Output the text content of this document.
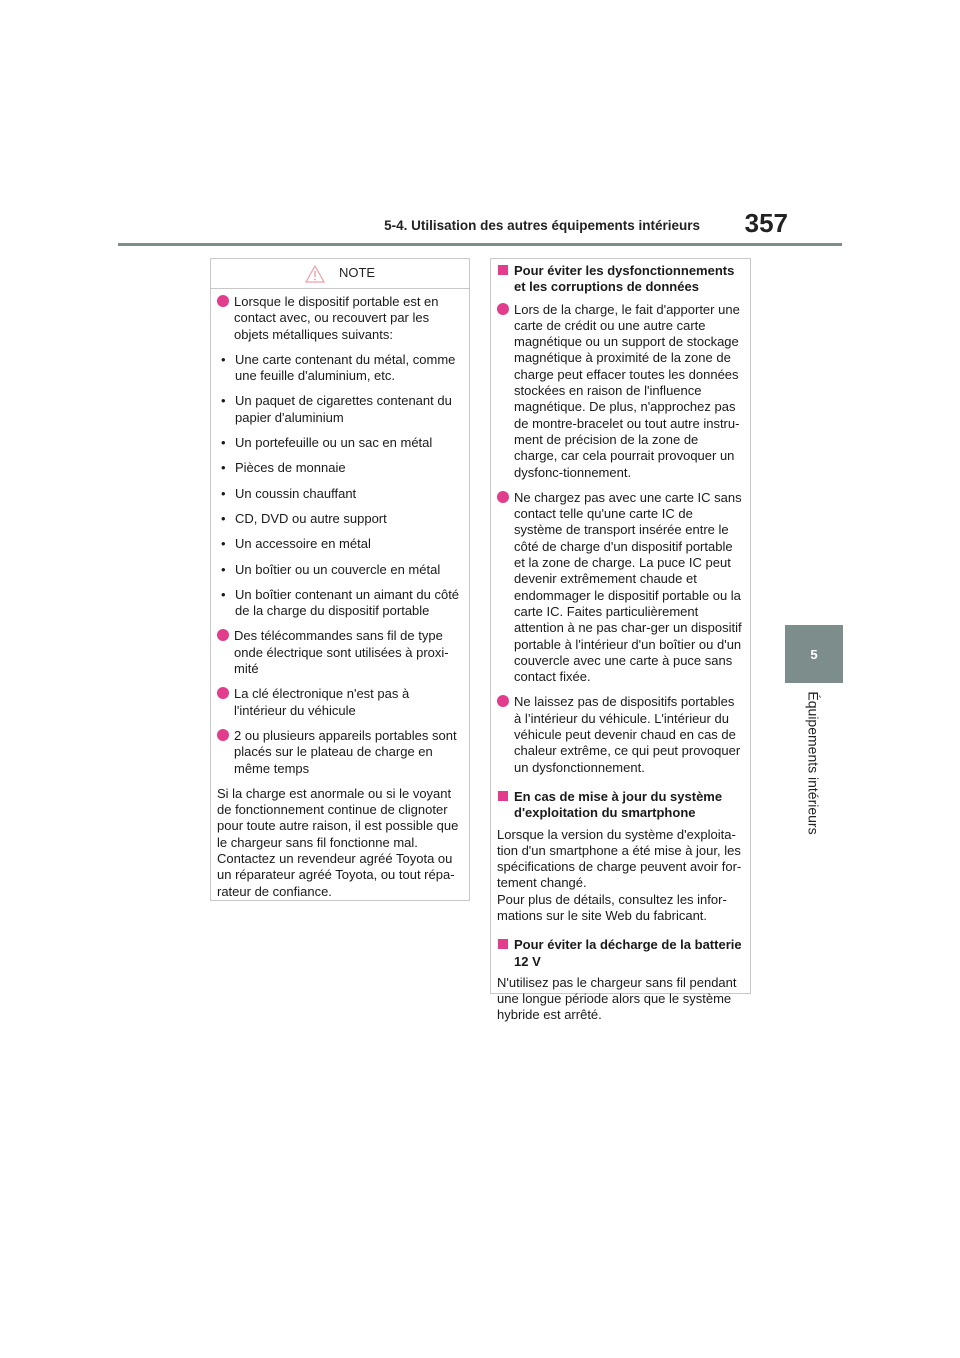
5-4. Utilisation des autres équipements intérieurs	357
5
Équipements intérieurs
NOTE
Lorsque le dispositif portable est en contact avec, ou recouvert par les objets métalliques suivants:
• Une carte contenant du métal, comme une feuille d'aluminium, etc.
• Un paquet de cigarettes contenant du papier d'aluminium
• Un portefeuille ou un sac en métal
• Pièces de monnaie
• Un coussin chauffant
• CD, DVD ou autre support
• Un accessoire en métal
• Un boîtier ou un couvercle en métal
• Un boîtier contenant un aimant du côté de la charge du dispositif portable
Des télécommandes sans fil de type onde électrique sont utilisées à proxi-mité
La clé électronique n'est pas à l'intérieur du véhicule
2 ou plusieurs appareils portables sont placés sur le plateau de charge en même temps
Si la charge est anormale ou si le voyant de fonctionnement continue de clignoter pour toute autre raison, il est possible que le chargeur sans fil fonctionne mal. Contactez un revendeur agréé Toyota ou un réparateur agréé Toyota, ou tout répa-rateur de confiance.
Pour éviter les dysfonctionnements et les corruptions de données
Lors de la charge, le fait d'apporter une carte de crédit ou une autre carte magnétique ou un support de stockage magnétique à proximité de la zone de charge peut effacer toutes les données stockées en raison de l'influence magnétique. De plus, n'approchez pas de montre-bracelet ou tout autre instru-ment de précision de la zone de charge, car cela pourrait provoquer un dysfonc-tionnement.
Ne chargez pas avec une carte IC sans contact telle qu'une carte IC de système de transport insérée entre le côté de charge d'un dispositif portable et la zone de charge. La puce IC peut devenir extrêmement chaude et endommager le dispositif portable ou la carte IC. Faites particulièrement attention à ne pas char-ger un dispositif portable à l'intérieur d'un boîtier ou d'un couvercle avec une carte à puce sans contact fixée.
Ne laissez pas de dispositifs portables à l’intérieur du véhicule. L'intérieur du véhicule peut devenir chaud en cas de chaleur extrême, ce qui peut provoquer un dysfonctionnement.
En cas de mise à jour du système d'exploitation du smartphone
Lorsque la version du système d'exploita-tion d'un smartphone a été mise à jour, les spécifications de charge peuvent avoir for-tement changé.
Pour plus de détails, consultez les infor-mations sur le site Web du fabricant.
Pour éviter la décharge de la batterie 12 V
N'utilisez pas le chargeur sans fil pendant une longue période alors que le système hybride est arrêté.
